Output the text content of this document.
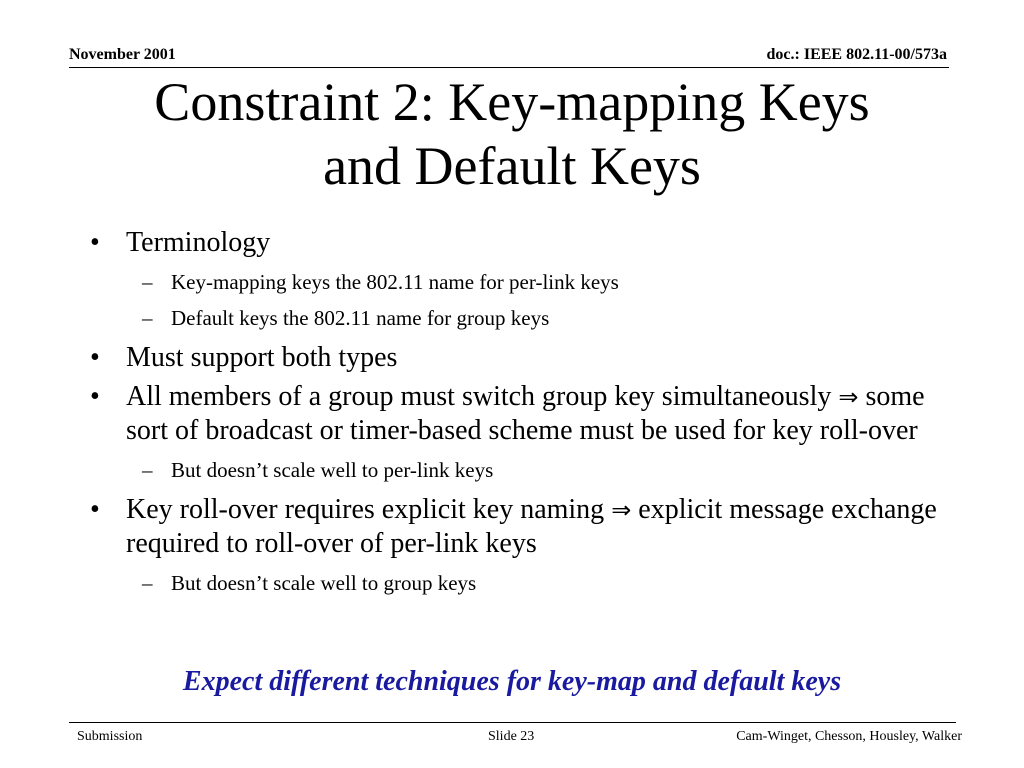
November 2001	doc.: IEEE 802.11-00/573a
Constraint 2: Key-mapping Keys
and Default Keys
• Terminology
– Key-mapping keys the 802.11 name for per-link keys
– Default keys the 802.11 name for group keys
• Must support both types
• All members of a group must switch group key simultaneously ⇒ some sort of broadcast or timer-based scheme must be used for key roll-over
– But doesn’t scale well to per-link keys
• Key roll-over requires explicit key naming ⇒ explicit message exchange required to roll-over of per-link keys
– But doesn’t scale well to group keys
Expect different techniques for key-map and default keys
Submission	Slide 23	Cam-Winget, Chesson, Housley, Walker
